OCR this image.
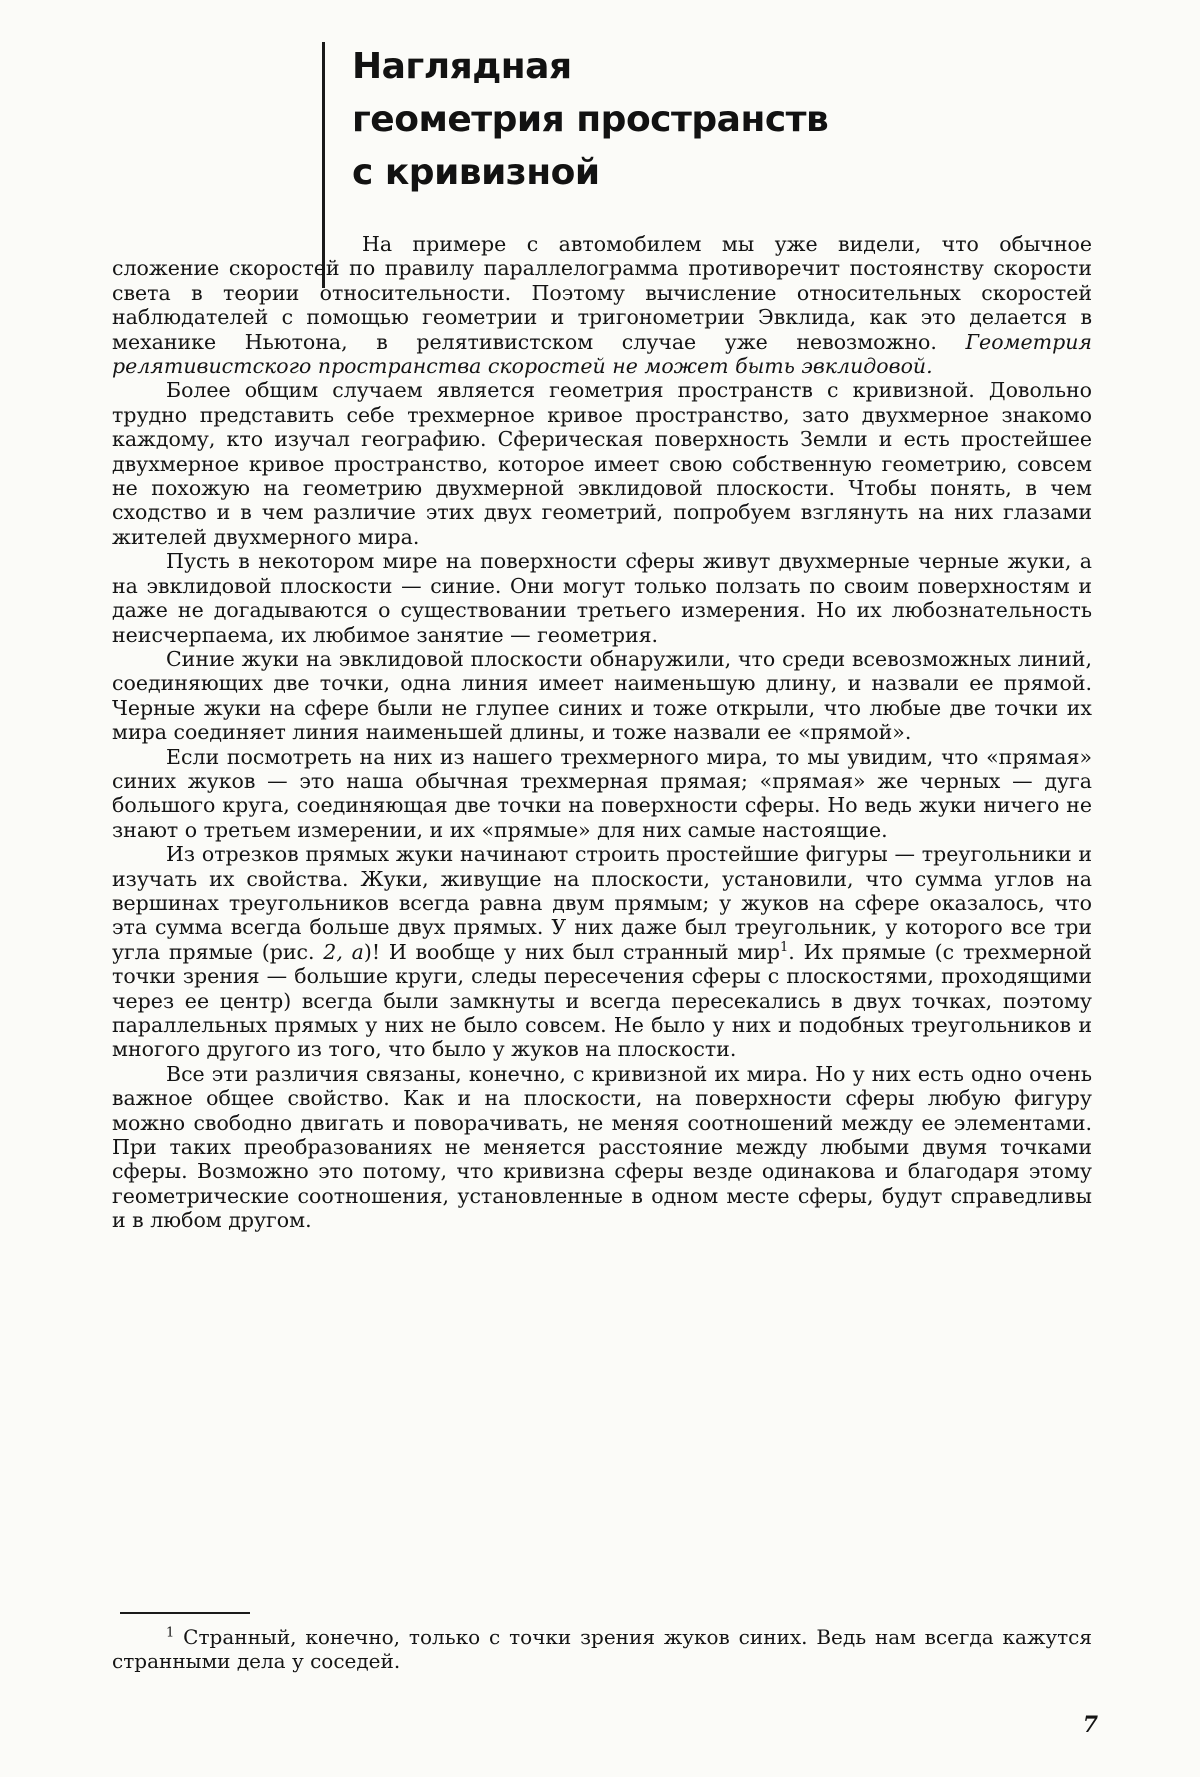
Наглядная
геометрия пространств
с кривизной

На примере с автомобилем мы уже видели, что обычное сложение скоростей по правилу параллелограмма противоречит постоянству скорости света в теории относительности. Поэтому вычисление относительных скоростей наблюдателей с помощью геометрии и тригонометрии Эвклида, как это делается в механике Ньютона, в релятивистском случае уже невозможно. Геометрия релятивистского пространства скоростей не может быть эвклидовой.

Более общим случаем является геометрия пространств с кривизной. Довольно трудно представить себе трехмерное кривое пространство, зато двухмерное знакомо каждому, кто изучал географию. Сферическая поверхность Земли и есть простейшее двухмерное кривое пространство, которое имеет свою собственную геометрию, совсем не похожую на геометрию двухмерной эвклидовой плоскости. Чтобы понять, в чем сходство и в чем различие этих двух геометрий, попробуем взглянуть на них глазами жителей двухмерного мира.

Пусть в некотором мире на поверхности сферы живут двухмерные черные жуки, а на эвклидовой плоскости — синие. Они могут только ползать по своим поверхностям и даже не догадываются о существовании третьего измерения. Но их любознательность неисчерпаема, их любимое занятие — геометрия.

Синие жуки на эвклидовой плоскости обнаружили, что среди всевозможных линий, соединяющих две точки, одна линия имеет наименьшую длину, и назвали ее прямой. Черные жуки на сфере были не глупее синих и тоже открыли, что любые две точки их мира соединяет линия наименьшей длины, и тоже назвали ее «прямой».

Если посмотреть на них из нашего трехмерного мира, то мы увидим, что «прямая» синих жуков — это наша обычная трехмерная прямая; «прямая» же черных — дуга большого круга, соединяющая две точки на поверхности сферы. Но ведь жуки ничего не знают о третьем измерении, и их «прямые» для них самые настоящие.

Из отрезков прямых жуки начинают строить простейшие фигуры — треугольники и изучать их свойства. Жуки, живущие на плоскости, установили, что сумма углов на вершинах треугольников всегда равна двум прямым; у жуков на сфере оказалось, что эта сумма всегда больше двух прямых. У них даже был треугольник, у которого все три угла прямые (рис. 2, а)! И вообще у них был странный мир$^1$. Их прямые (с трехмерной точки зрения — большие круги, следы пересечения сферы с плоскостями, проходящими через ее центр) всегда были замкнуты и всегда пересекались в двух точках, поэтому параллельных прямых у них не было совсем. Не было у них и подобных треугольников и многого другого из того, что было у жуков на плоскости.

Все эти различия связаны, конечно, с кривизной их мира. Но у них есть одно очень важное общее свойство. Как и на плоскости, на поверхности сферы любую фигуру можно свободно двигать и поворачивать, не меняя соотношений между ее элементами. При таких преобразованиях не меняется расстояние между любыми двумя точками сферы. Возможно это потому, что кривизна сферы везде одинакова и благодаря этому геометрические соотношения, установленные в одном месте сферы, будут справедливы и в любом другом.

$^1$ Странный, конечно, только с точки зрения жуков синих. Ведь нам всегда кажутся странными дела у соседей.

7
